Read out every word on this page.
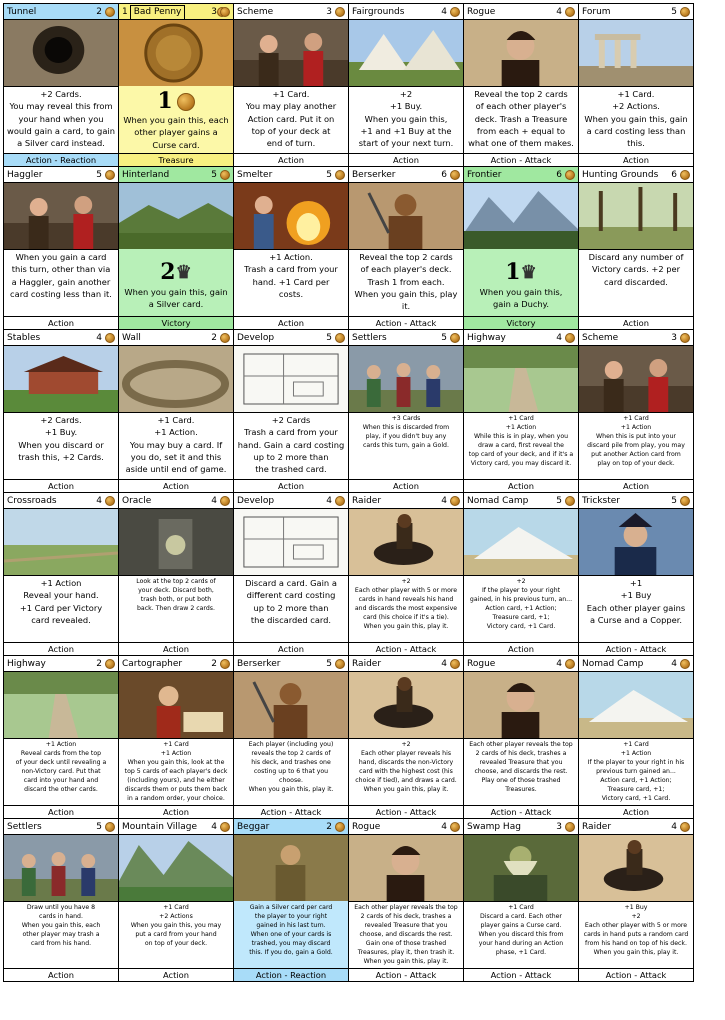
Tunnel	2
+2 Cards.
You may reveal this from
your hand when you
would gain a card, to gain
a Silver card instead.
Action - Reaction
1 Bad Penny	3
1
When you gain this, each
other player gains a
Curse card.
Treasure
Scheme	3
+1 Card.
You may play another
Action card. Put it on
top of your deck at
end of turn.
Action
Fairgrounds	4
+2
+1 Buy.
When you gain this,
+1 and +1 Buy at the
start of your next turn.
Action
Rogue	4
Reveal the top 2 cards
of each other player's
deck. Trash a Treasure
from each + equal to
what one of them makes.
Action - Attack
Forum	5
+1 Card.
+2 Actions.
When you gain this, gain
a card costing less than
this.
Action
Haggler	5
When you gain a card
this turn, other than via
a Haggler, gain another
card costing less than it.
Action
Hinterland	5
2♛
When you gain this, gain
a Silver card.
Victory
Smelter	5
+1 Action.
Trash a card from your
hand. +1 Card per
costs.
Action
Berserker	6
Reveal the top 2 cards
of each player's deck.
Trash 1 from each.
When you gain this, play
it.
Action - Attack
Frontier	6
1♛
When you gain this,
gain a Duchy.
Victory
Hunting Grounds 6
Discard any number of
Victory cards. +2 per
card discarded.
Action
Stables	4
+2 Cards.
+1 Buy.
When you discard or
trash this, +2 Cards.
Action
Wall	2
+1 Card.
+1 Action.
You may buy a card. If
you do, set it and this
aside until end of game.
Action
Develop	5
+2 Cards
Trash a card from your
hand. Gain a card costing
up to 2 more than
the trashed card.
Action
Settlers	5
+3 Cards
When this is discarded from
play, if you didn't buy any
cards this turn, gain a Gold.
Action
Highway	4
+1 Card
+1 Action
While this is in play, when you
draw a card, first reveal the
top card of your deck, and if it's a
Victory card, you may discard it.
Action
Scheme	3
+1 Card
+1 Action
When this is put into your
discard pile from play, you may
put another Action card from
play on top of your deck.
Action
Crossroads	4
+1 Action
Reveal your hand.
+1 Card per Victory
card revealed.
Action
Oracle	4
Look at the top 2 cards of
your deck. Discard both,
trash both, or put both
back. Then draw 2 cards.
Action
Develop	4
Discard a card. Gain a
different card costing
up to 2 more than
the discarded card.
Action
Raider	4
+2
Each other player with 5 or more
cards in hand reveals his hand
and discards the most expensive
card (his choice if it's a tie).
When you gain this, play it.
Action - Attack
Nomad Camp	5
+2
If the player to your right
gained, in his previous turn, an...
Action card, +1 Action;
Treasure card, +1;
Victory card, +1 Card.
Action
Trickster	5
+1
+1 Buy
Each other player gains
a Curse and a Copper.
Action - Attack
Highway	2
+1 Action
Reveal cards from the top
of your deck until revealing a
non-Victory card. Put that
card into your hand and
discard the other cards.
Action
Cartographer	2
+1 Card
+1 Action
When you gain this, look at the
top 5 cards of each player's deck
(including yours), and he either
discards them or puts them back
in a random order, your choice.
Action
Berserker	5
Each player (including you)
reveals the top 2 cards of
his deck, and trashes one
costing up to 6 that you
choose.
When you gain this, play it.
Action - Attack
Raider	4
+2
Each other player reveals his
hand, discards the non-Victory
card with the highest cost (his
choice if tied), and draws a card.
When you gain this, play it.
Action - Attack
Rogue	4
Each other player reveals the top
2 cards of his deck, trashes a
revealed Treasure that you
choose, and discards the rest.
Play one of those trashed
Treasures.
Action - Attack
Nomad Camp	4
+1 Card
+1 Action
If the player to your right in his
previous turn gained an...
Action card, +1 Action;
Treasure card, +1;
Victory card, +1 Card.
Action
Settlers	5
Draw until you have 8
cards in hand.
When you gain this, each
other player may trash a
card from his hand.
Action
Mountain Village 4
+1 Card
+2 Actions
When you gain this, you may
put a card from your hand
on top of your deck.
Action
Beggar	2
Gain a Silver card per card
the player to your right
gained in his last turn.
When one of your cards is
trashed, you may discard
this. If you do, gain a Gold.
Action - Reaction
Rogue	4
Each other player reveals the top
2 cards of his deck, trashes a
revealed Treasure that you
choose, and discards the rest.
Gain one of those trashed
Treasures, play it, then trash it.
When you gain this, play it.
Action - Attack
Swamp Hag	3
+1 Card
Discard a card. Each other
player gains a Curse card.
When you discard this from
your hand during an Action
phase, +1 Card.
Action - Attack
Raider	4
+1 Buy
+2
Each other player with 5 or more
cards in hand puts a random card
from his hand on top of his deck.
When you gain this, play it.
Action - Attack
